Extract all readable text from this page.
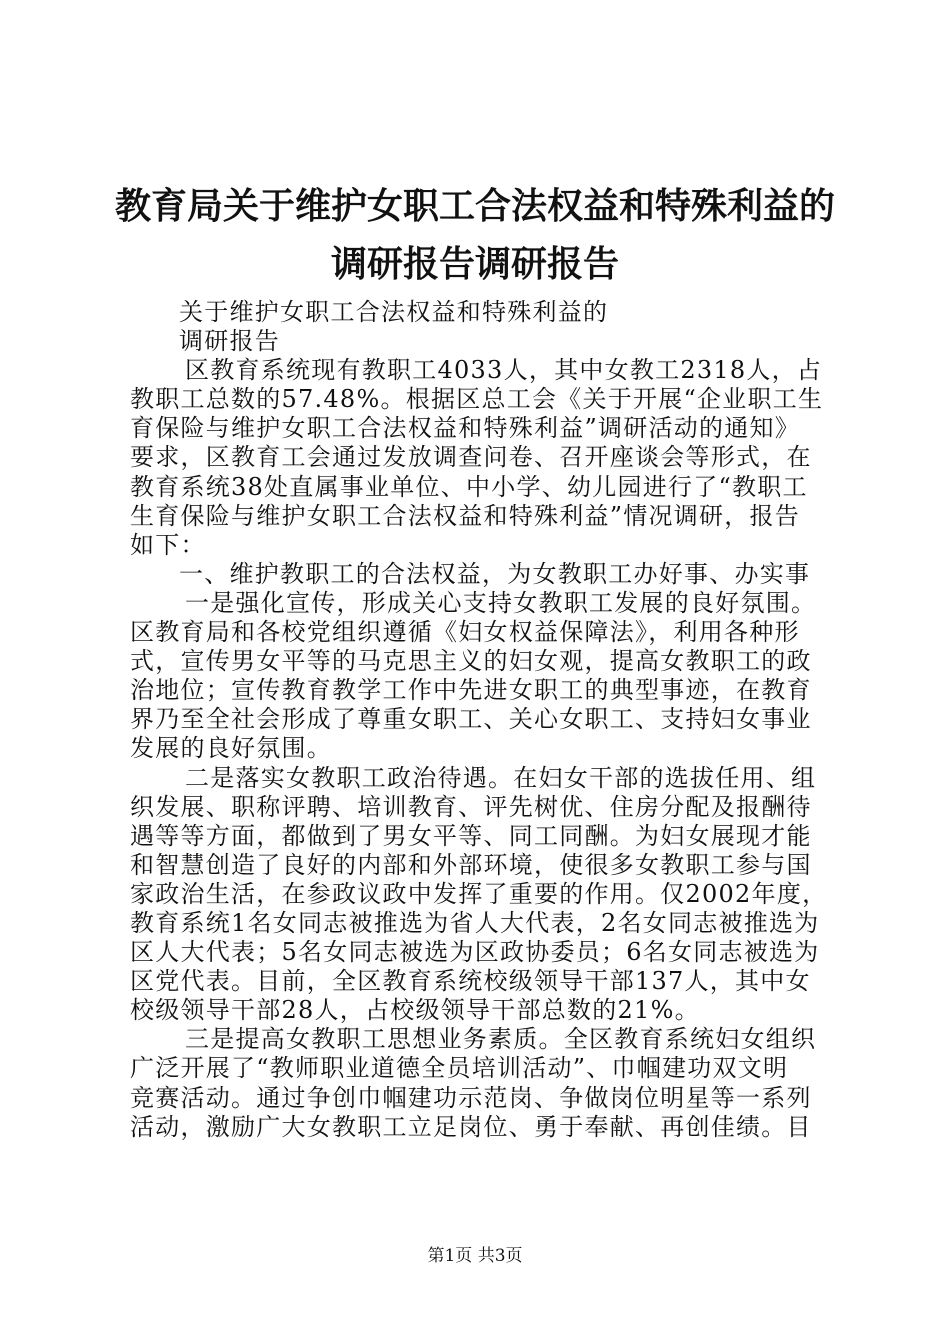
教育局关于维护女职工合法权益和特殊利益的
调研报告调研报告
关于维护女职工合法权益和特殊利益的
调研报告
区教育系统现有教职工4033人，其中女教工2318人，占
教职工总数的57.48%。根据区总工会《关于开展“企业职工生
育保险与维护女职工合法权益和特殊利益”调研活动的通知》
要求，区教育工会通过发放调查问卷、召开座谈会等形式，在
教育系统38处直属事业单位、中小学、幼儿园进行了“教职工
生育保险与维护女职工合法权益和特殊利益”情况调研，报告
如下：
一、维护教职工的合法权益，为女教职工办好事、办实事
一是强化宣传，形成关心支持女教职工发展的良好氛围。
区教育局和各校党组织遵循《妇女权益保障法》，利用各种形
式，宣传男女平等的马克思主义的妇女观，提高女教职工的政
治地位；宣传教育教学工作中先进女职工的典型事迹，在教育
界乃至全社会形成了尊重女职工、关心女职工、支持妇女事业
发展的良好氛围。
二是落实女教职工政治待遇。在妇女干部的选拔任用、组
织发展、职称评聘、培训教育、评先树优、住房分配及报酬待
遇等等方面，都做到了男女平等、同工同酬。为妇女展现才能
和智慧创造了良好的内部和外部环境，使很多女教职工参与国
家政治生活，在参政议政中发挥了重要的作用。仅2002年度，
教育系统1名女同志被推选为省人大代表，2名女同志被推选为
区人大代表；5名女同志被选为区政协委员；6名女同志被选为
区党代表。目前，全区教育系统校级领导干部137人，其中女
校级领导干部28人，占校级领导干部总数的21%。
三是提高女教职工思想业务素质。全区教育系统妇女组织
广泛开展了“教师职业道德全员培训活动”、巾帼建功双文明
竞赛活动。通过争创巾帼建功示范岗、争做岗位明星等一系列
活动，激励广大女教职工立足岗位、勇于奉献、再创佳绩。目
第1页 共3页
